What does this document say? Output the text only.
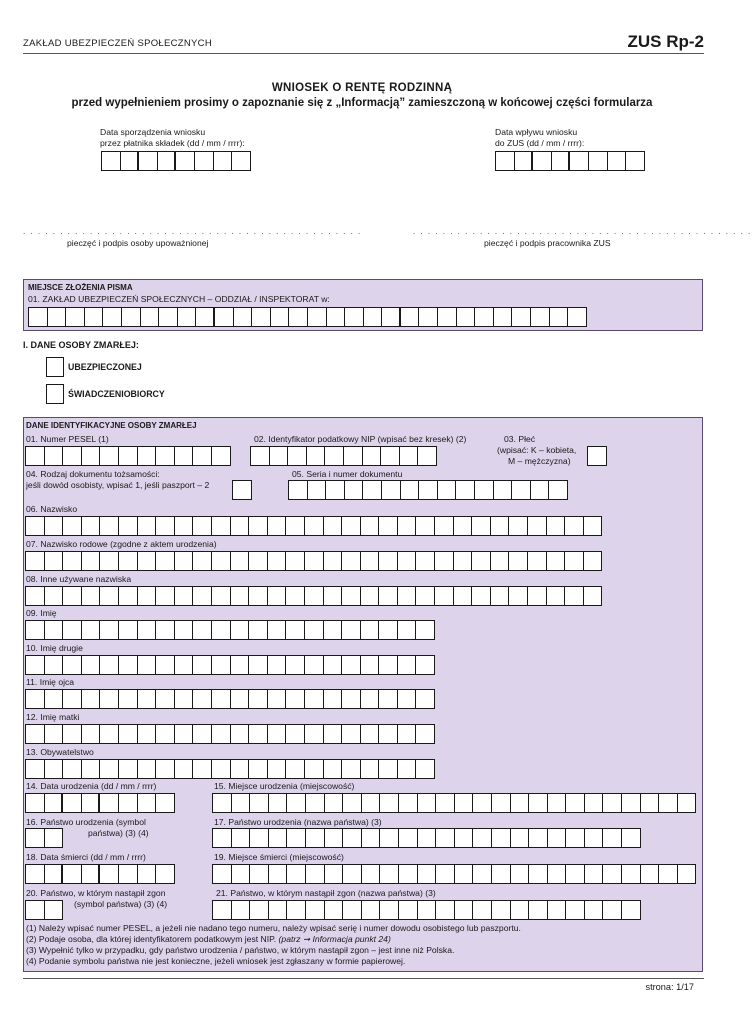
ZAKŁAD UBEZPIECZEŃ SPOŁECZNYCH	ZUS Rp-2
WNIOSEK O RENTĘ RODZINNĄ
przed wypełnieniem prosimy o zapoznanie się z „Informacją” zamieszczoną w końcowej części formularza
Data sporządzenia wniosku
przez płatnika składek (dd / mm / rrrr):
Data wpływu wniosku
do ZUS (dd / mm / rrrr):
. . . . . . . . . . . . . . . . . . . . . . . . . . . . . . . . . . . . . . . . . . . . . .
pieczęć i podpis osoby upoważnionej
. . . . . . . . . . . . . . . . . . . . . . . . . . . . . . . . . . . . . . . . . . . . . .
pieczęć i podpis pracownika ZUS
MIEJSCE ZŁOŻENIA PISMA
01. ZAKŁAD UBEZPIECZEŃ SPOŁECZNYCH – ODDZIAŁ / INSPEKTORAT w:
I. DANE OSOBY ZMARŁEJ:
UBEZPIECZONEJ
ŚWIADCZENIOBIORCY
DANE IDENTYFIKACYJNE OSOBY ZMARŁEJ
01. Numer PESEL (1)	02. Identyfikator podatkowy NIP (wpisać bez kresek) (2)	03. Płeć
(wpisać: K – kobieta,
M – mężczyzna)
04. Rodzaj dokumentu tożsamości:
jeśli dowód osobisty, wpisać 1, jeśli paszport – 2
05. Seria i numer dokumentu
06. Nazwisko
07. Nazwisko rodowe (zgodne z aktem urodzenia)
08. Inne używane nazwiska
09. Imię
10. Imię drugie
11. Imię ojca
12. Imię matki
13. Obywatelstwo
14. Data urodzenia (dd / mm / rrrr)	15. Miejsce urodzenia (miejscowość)
16. Państwo urodzenia (symbol
państwa) (3) (4)
17. Państwo urodzenia (nazwa państwa) (3)
18. Data śmierci (dd / mm / rrrr)	19. Miejsce śmierci (miejscowość)
20. Państwo, w którym nastąpił zgon
(symbol państwa) (3) (4)
21. Państwo, w którym nastąpił zgon (nazwa państwa) (3)
(1) Należy wpisać numer PESEL, a jeżeli nie nadano tego numeru, należy wpisać serię i numer dowodu osobistego lub paszportu.
(2) Podaje osoba, dla której identyfikatorem podatkowym jest NIP. (patrz ➞ Informacja punkt 24)
(3) Wypełnić tylko w przypadku, gdy państwo urodzenia / państwo, w którym nastąpił zgon – jest inne niż Polska.
(4) Podanie symbolu państwa nie jest konieczne, jeżeli wniosek jest zgłaszany w formie papierowej.
strona: 1/17
